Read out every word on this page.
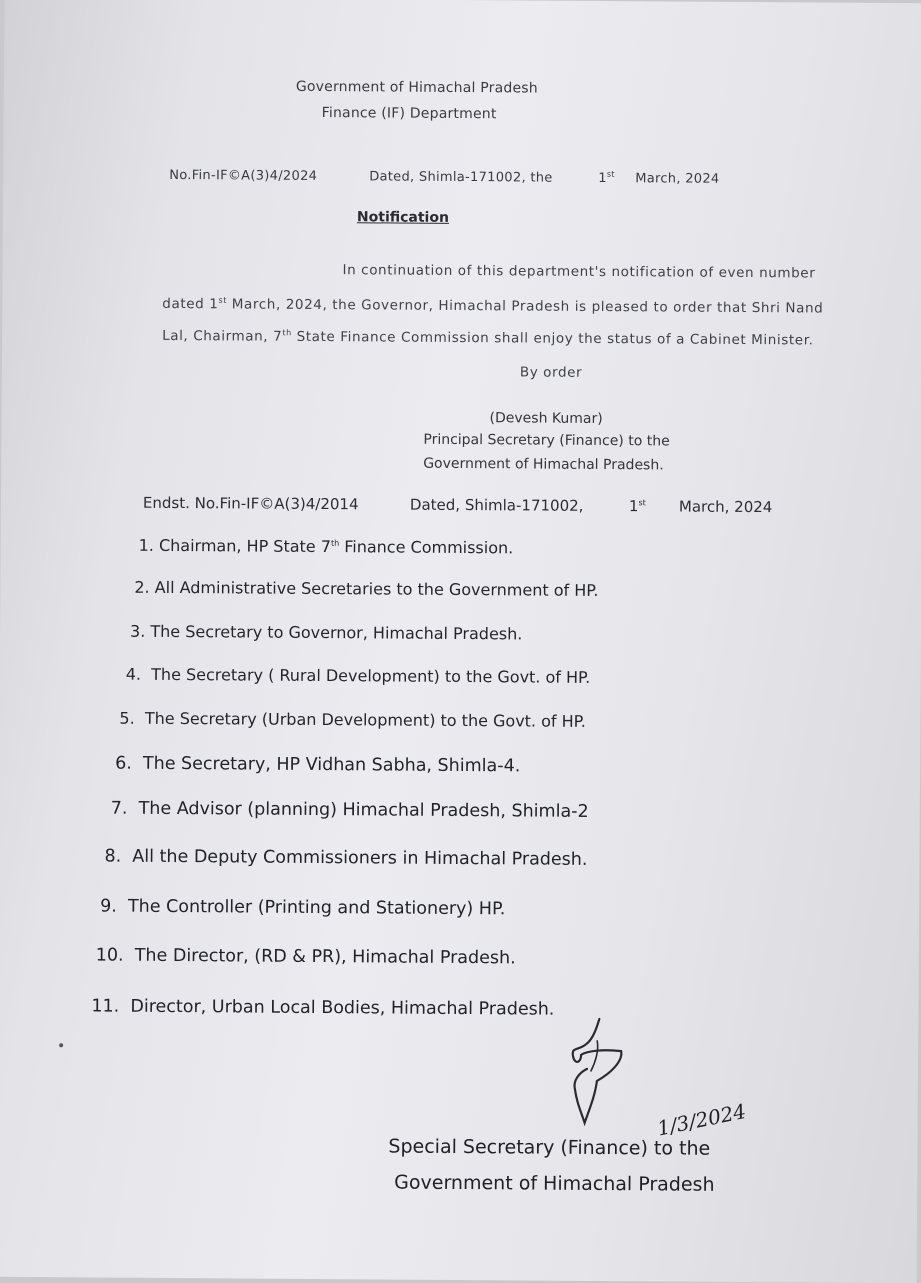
Government of Himachal Pradesh
Finance (IF) Department
No.Fin-IF©A(3)4/2024	Dated, Shimla-171002, the	1st March, 2024
Notification
In continuation of this department's notification of even number
dated 1st March, 2024, the Governor, Himachal Pradesh is pleased to order that Shri Nand
Lal, Chairman, 7th State Finance Commission shall enjoy the status of a Cabinet Minister.
By order
(Devesh Kumar)
Principal Secretary (Finance) to the
Government of Himachal Pradesh.
Endst. No.Fin-IF©A(3)4/2014	Dated, Shimla-171002,	1st March, 2024
1. Chairman, HP State 7th Finance Commission.
2. All Administrative Secretaries to the Government of HP.
3. The Secretary to Governor, Himachal Pradesh.
4. The Secretary ( Rural Development) to the Govt. of HP.
5. The Secretary (Urban Development) to the Govt. of HP.
6. The Secretary, HP Vidhan Sabha, Shimla-4.
7. The Advisor (planning) Himachal Pradesh, Shimla-2
8. All the Deputy Commissioners in Himachal Pradesh.
9. The Controller (Printing and Stationery) HP.
10. The Director, (RD & PR), Himachal Pradesh.
11. Director, Urban Local Bodies, Himachal Pradesh.
Special Secretary (Finance) to the
Government of Himachal Pradesh
1/3/2024
